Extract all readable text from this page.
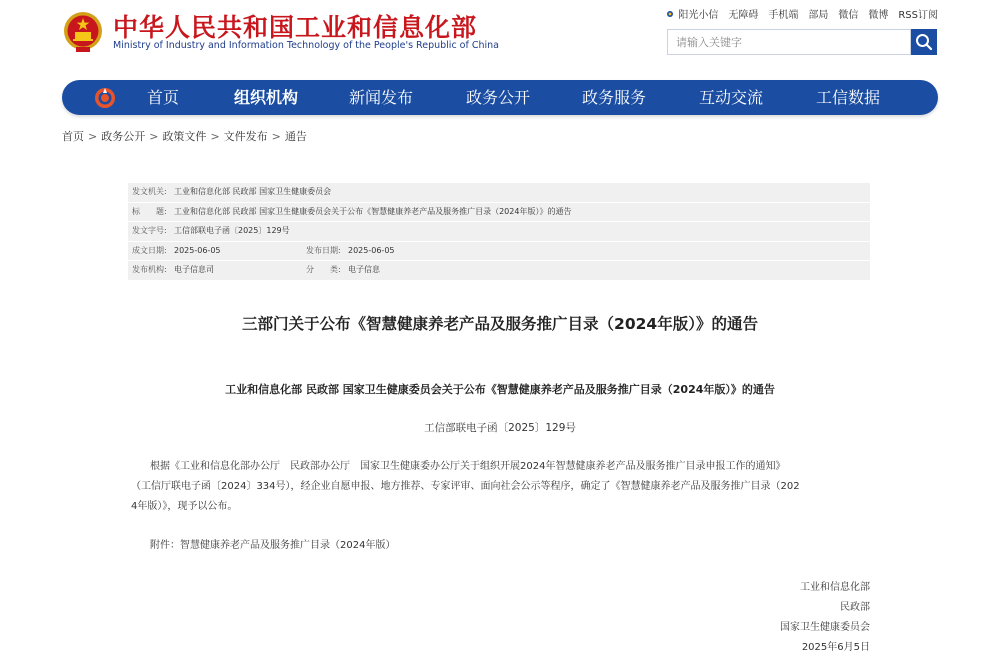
中华人民共和国工业和信息化部
Ministry of Industry and Information Technology of the People's Republic of China
阳光小信 无障碍 手机端 部局 微信 微博 RSS订阅
请输入关键字
首页	组织机构	新闻发布	政务公开	政务服务	互动交流	工信数据
首页 > 政务公开 > 政策文件 > 文件发布 > 通告
发文机关: 工业和信息化部 民政部 国家卫生健康委员会
标　　题: 工业和信息化部 民政部 国家卫生健康委员会关于公布《智慧健康养老产品及服务推广目录（2024年版）》的通告
发文字号: 工信部联电子函〔2025〕129号
成文日期: 2025-06-05	发布日期: 2025-06-05
发布机构: 电子信息司	分　　类: 电子信息
三部门关于公布《智慧健康养老产品及服务推广目录（2024年版）》的通告
工业和信息化部 民政部 国家卫生健康委员会关于公布《智慧健康养老产品及服务推广目录（2024年版）》的通告
工信部联电子函〔2025〕129号
根据《工业和信息化部办公厅　民政部办公厅　国家卫生健康委办公厅关于组织开展2024年智慧健康养老产品及服务推广目录申报工作的通知》
（工信厅联电子函〔2024〕334号），经企业自愿申报、地方推荐、专家评审、面向社会公示等程序，确定了《智慧健康养老产品及服务推广目录（202
4年版）》，现予以公布。
附件：智慧健康养老产品及服务推广目录（2024年版）
工业和信息化部
民政部
国家卫生健康委员会
2025年6月5日
